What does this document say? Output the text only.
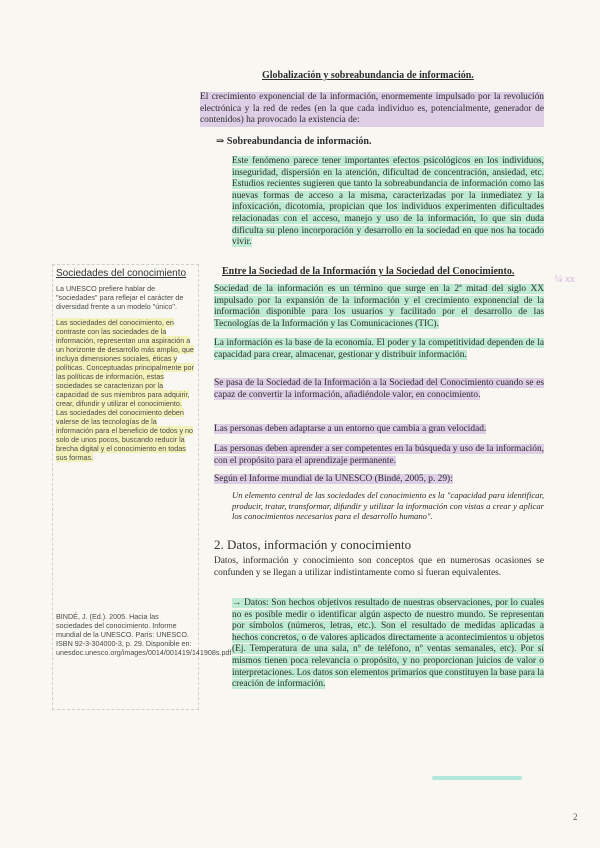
Globalización y sobreabundancia de información.
El crecimiento exponencial de la información, enormemente impulsado por la revolución electrónica y la red de redes (en la que cada individuo es, potencialmente, generador de contenidos) ha provocado la existencia de:
⇒ Sobreabundancia de información.
Este fenómeno parece tener importantes efectos psicológicos en los individuos, inseguridad, dispersión en la atención, dificultad de concentración, ansiedad, etc. Estudios recientes sugieren que tanto la sobreabundancia de información como las nuevas formas de acceso a la misma, caracterizadas por la inmediatez y la infoxicación, dicotomía, propician que los individuos experimenten dificultades relacionadas con el acceso, manejo y uso de la información, lo que sin duda dificulta su pleno incorporación y desarrollo en la sociedad en que nos ha tocado vivir.
Entre la Sociedad de la Información y la Sociedad del Conocimiento.
Sociedad de la información es un término que surge en la 2ª mitad del siglo XX impulsado por la expansión de la información y el crecimiento exponencial de la información disponible para los usuarios y facilitado por el desarrollo de las Tecnologías de la Información y las Comunicaciones (TIC).
La información es la base de la economía. El poder y la competitividad dependen de la capacidad para crear, almacenar, gestionar y distribuir información.
Se pasa de la Sociedad de la Información a la Sociedad del Conocimiento cuando se es capaz de convertir la información, añadiéndole valor, en conocimiento.
Las personas deben adaptarse a un entorno que cambia a gran velocidad.
Las personas deben aprender a ser competentes en la búsqueda y uso de la información, con el propósito para el aprendizaje permanente.
Según el Informe mundial de la UNESCO (Bindé, 2005, p. 29):
Un elemento central de las sociedades del conocimiento es la "capacidad para identificar, producir, tratar, transformar, difundir y utilizar la información con vistas a crear y aplicar los conocimientos necesarios para el desarrollo humano".
2. Datos, información y conocimiento
Datos, información y conocimiento son conceptos que en numerosas ocasiones se confunden y se llegan a utilizar indistintamente como si fueran equivalentes.
→ Datos: Son hechos objetivos resultado de nuestras observaciones, por lo cuales no es posible medir o identificar algún aspecto de nuestro mundo. Se representan por símbolos (números, letras, etc.). Son el resultado de medidas aplicadas a hechos concretos, o de valores aplicados directamente a acontecimientos u objetos (Ej. Temperatura de una sala, nº de teléfono, nº ventas semanales, etc). Por sí mismos tienen poca relevancia o propósito, y no proporcionan juicios de valor o interpretaciones. Los datos son elementos primarios que constituyen la base para la creación de información.
Sociedades del conocimiento
La UNESCO prefiere hablar de "sociedades" para reflejar el carácter de diversidad frente a un modelo "único".
Las sociedades del conocimiento, en contraste con las sociedades de la información, representan una aspiración a un horizonte de desarrollo más amplio, que incluya dimensiones sociales, éticas y políticas. Conceptuadas principalmente por las políticas de información, estas sociedades se caracterizan por la capacidad de sus miembros para adquirir, crear, difundir y utilizar el conocimiento. Las sociedades del conocimiento deben valerse de las tecnologías de la información para el beneficio de todos y no solo de unos pocos, buscando reducir la brecha digital y el conocimiento en todas sus formas.
BINDÉ, J. (Ed.). 2005. Hacia las sociedades del conocimiento. Informe mundial de la UNESCO. París: UNESCO. ISBN 92-3-304000-3, p. 29. Disponible en: unesdoc.unesco.org/images/0014/001419/141908s.pdf
¼ xx
2
